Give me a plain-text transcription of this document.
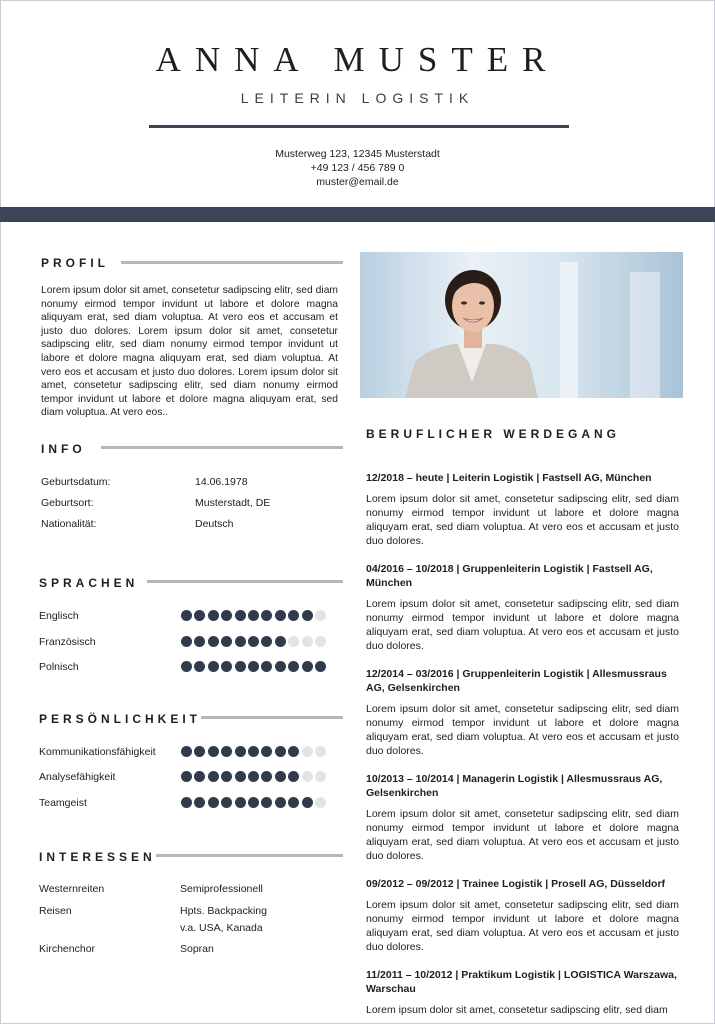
ANNA MUSTER
LEITERIN LOGISTIK
Musterweg 123, 12345 Musterstadt
+49 123 / 456 789 0
muster@email.de
PROFIL
Lorem ipsum dolor sit amet, consetetur sadipscing elitr, sed diam nonumy eirmod tempor invidunt ut labore et dolore magna aliquyam erat, sed diam voluptua. At vero eos et accusam et justo duo dolores. Lorem ipsum dolor sit amet, consetetur sadipscing elitr, sed diam nonumy eirmod tempor invidunt ut labore et dolore magna aliquyam erat, sed diam voluptua. At vero eos et accusam et justo duo dolores. Lorem ipsum dolor sit amet, consetetur sadipscing elitr, sed diam nonumy eirmod tempor invidunt ut labore et dolore magna aliquyam erat, sed diam voluptua. At vero eos..
INFO
Geburtsdatum:	14.06.1978
Geburtsort:	Musterstadt, DE
Nationalität:	Deutsch
SPRACHEN
Englisch
Französisch
Polnisch
PERSÖNLICHKEIT
Kommunikationsfähigkeit
Analysefähigkeit
Teamgeist
INTERESSEN
Westernreiten	Semiprofessionell
Reisen	Hpts. Backpacking
v.a. USA, Kanada
Kirchenchor	Sopran
BERUFLICHER WERDEGANG
12/2018 – heute | Leiterin Logistik | Fastsell AG, München
Lorem ipsum dolor sit amet, consetetur sadipscing elitr, sed diam nonumy eirmod tempor invidunt ut labore et dolore magna aliquyam erat, sed diam voluptua. At vero eos et accusam et justo duo dolores.
04/2016 – 10/2018 | Gruppenleiterin Logistik | Fastsell AG, München
Lorem ipsum dolor sit amet, consetetur sadipscing elitr, sed diam nonumy eirmod tempor invidunt ut labore et dolore magna aliquyam erat, sed diam voluptua. At vero eos et accusam et justo duo dolores.
12/2014 – 03/2016 | Gruppenleiterin Logistik | Allesmussraus AG, Gelsenkirchen
Lorem ipsum dolor sit amet, consetetur sadipscing elitr, sed diam nonumy eirmod tempor invidunt ut labore et dolore magna aliquyam erat, sed diam voluptua. At vero eos et accusam et justo duo dolores.
10/2013 – 10/2014 | Managerin Logistik | Allesmussraus AG, Gelsenkirchen
Lorem ipsum dolor sit amet, consetetur sadipscing elitr, sed diam nonumy eirmod tempor invidunt ut labore et dolore magna aliquyam erat, sed diam voluptua. At vero eos et accusam et justo duo dolores.
09/2012 – 09/2012 | Trainee Logistik | Prosell AG, Düsseldorf
Lorem ipsum dolor sit amet, consetetur sadipscing elitr, sed diam nonumy eirmod tempor invidunt ut labore et dolore magna aliquyam erat, sed diam voluptua. At vero eos et accusam et justo duo dolores.
11/2011 – 10/2012 | Praktikum Logistik | LOGISTICA Warszawa, Warschau
Lorem ipsum dolor sit amet, consetetur sadipscing elitr, sed diam
